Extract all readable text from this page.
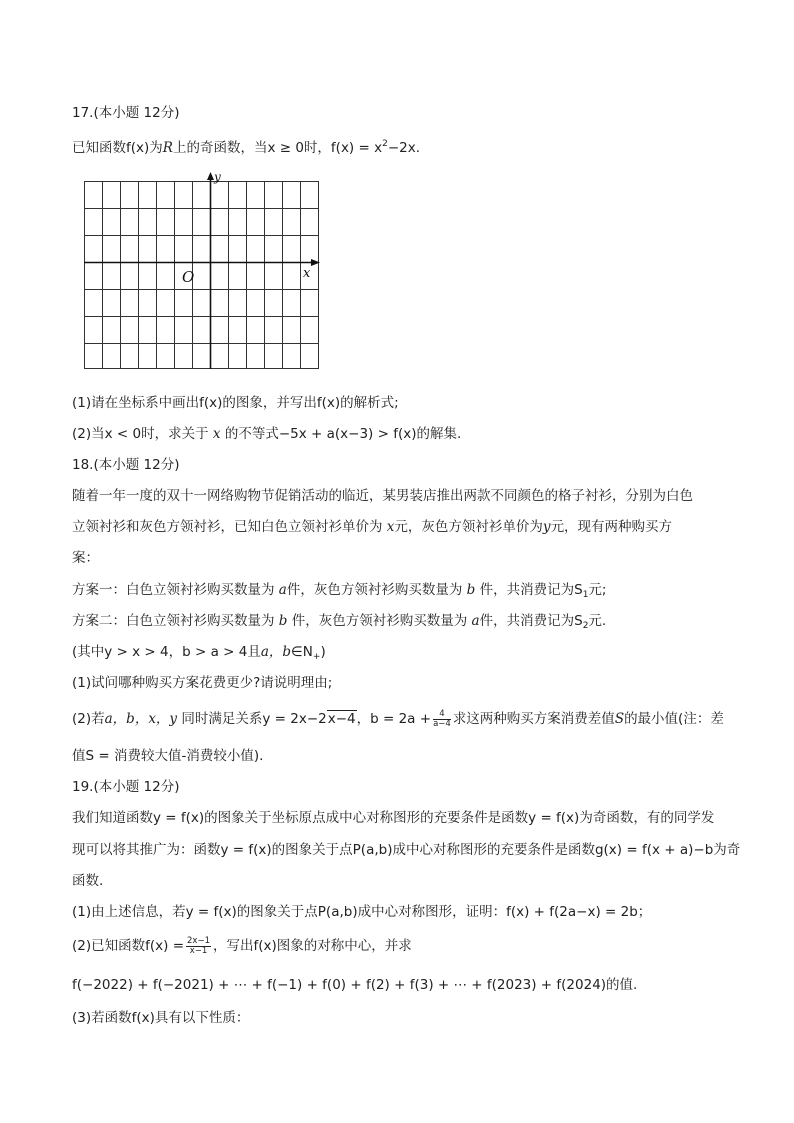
17.(本小题 12分)
已知函数f(x)为R上的奇函数，当x ≥ 0时，$f(x) = x^2-2x$.
y
x
O
(1)请在坐标系中画出f(x)的图象，并写出f(x)的解析式;
(2)当x < 0时，求关于 x 的不等式−5x + a(x−3) > f(x)的解集.
18.(本小题 12分)
随着一年一度的双十一网络购物节促销活动的临近，某男装店推出两款不同颜色的格子衬衫，分别为白色
立领衬衫和灰色方领衬衫，已知白色立领衬衫单价为 x元，灰色方领衬衫单价为y元，现有两种购买方
案：
方案一：白色立领衬衫购买数量为 a件，灰色方领衬衫购买数量为 b 件，共消费记为$S_1$元;
方案二：白色立领衬衫购买数量为 b 件，灰色方领衬衫购买数量为 a件，共消费记为$S_2$元.
(其中y > x > 4，b > a > 4且a，$b\in N_+$)
(1)试问哪种购买方案花费更少?请说明理由;
(2)若a，b，x，y 同时满足关系y = 2x−2x−4，$b = 2a + \frac{4}{a-4}$ 求这两种购买方案消费差值S的最小值(注：差
值S = 消费较大值-消费较小值).
19.(本小题 12分)
我们知道函数y = f(x)的图象关于坐标原点成中心对称图形的充要条件是函数y = f(x)为奇函数，有的同学发
现可以将其推广为：函数y = f(x)的图象关于点P(a,b)成中心对称图形的充要条件是函数g(x) = f(x + a)−b为奇
函数.
(1)由上述信息，若y = f(x)的图象关于点P(a,b)成中心对称图形，证明：f(x) + f(2a−x) = 2b；
(2)已知函数$f(x) = \frac{2x-1}{x-1}$ ，写出f(x)图象的对称中心，并求
f(−2022) + f(−2021) + ⋯ + f(−1) + f(0) + f(2) + f(3) + ⋯ + f(2023) + f(2024)的值.
(3)若函数f(x)具有以下性质：
